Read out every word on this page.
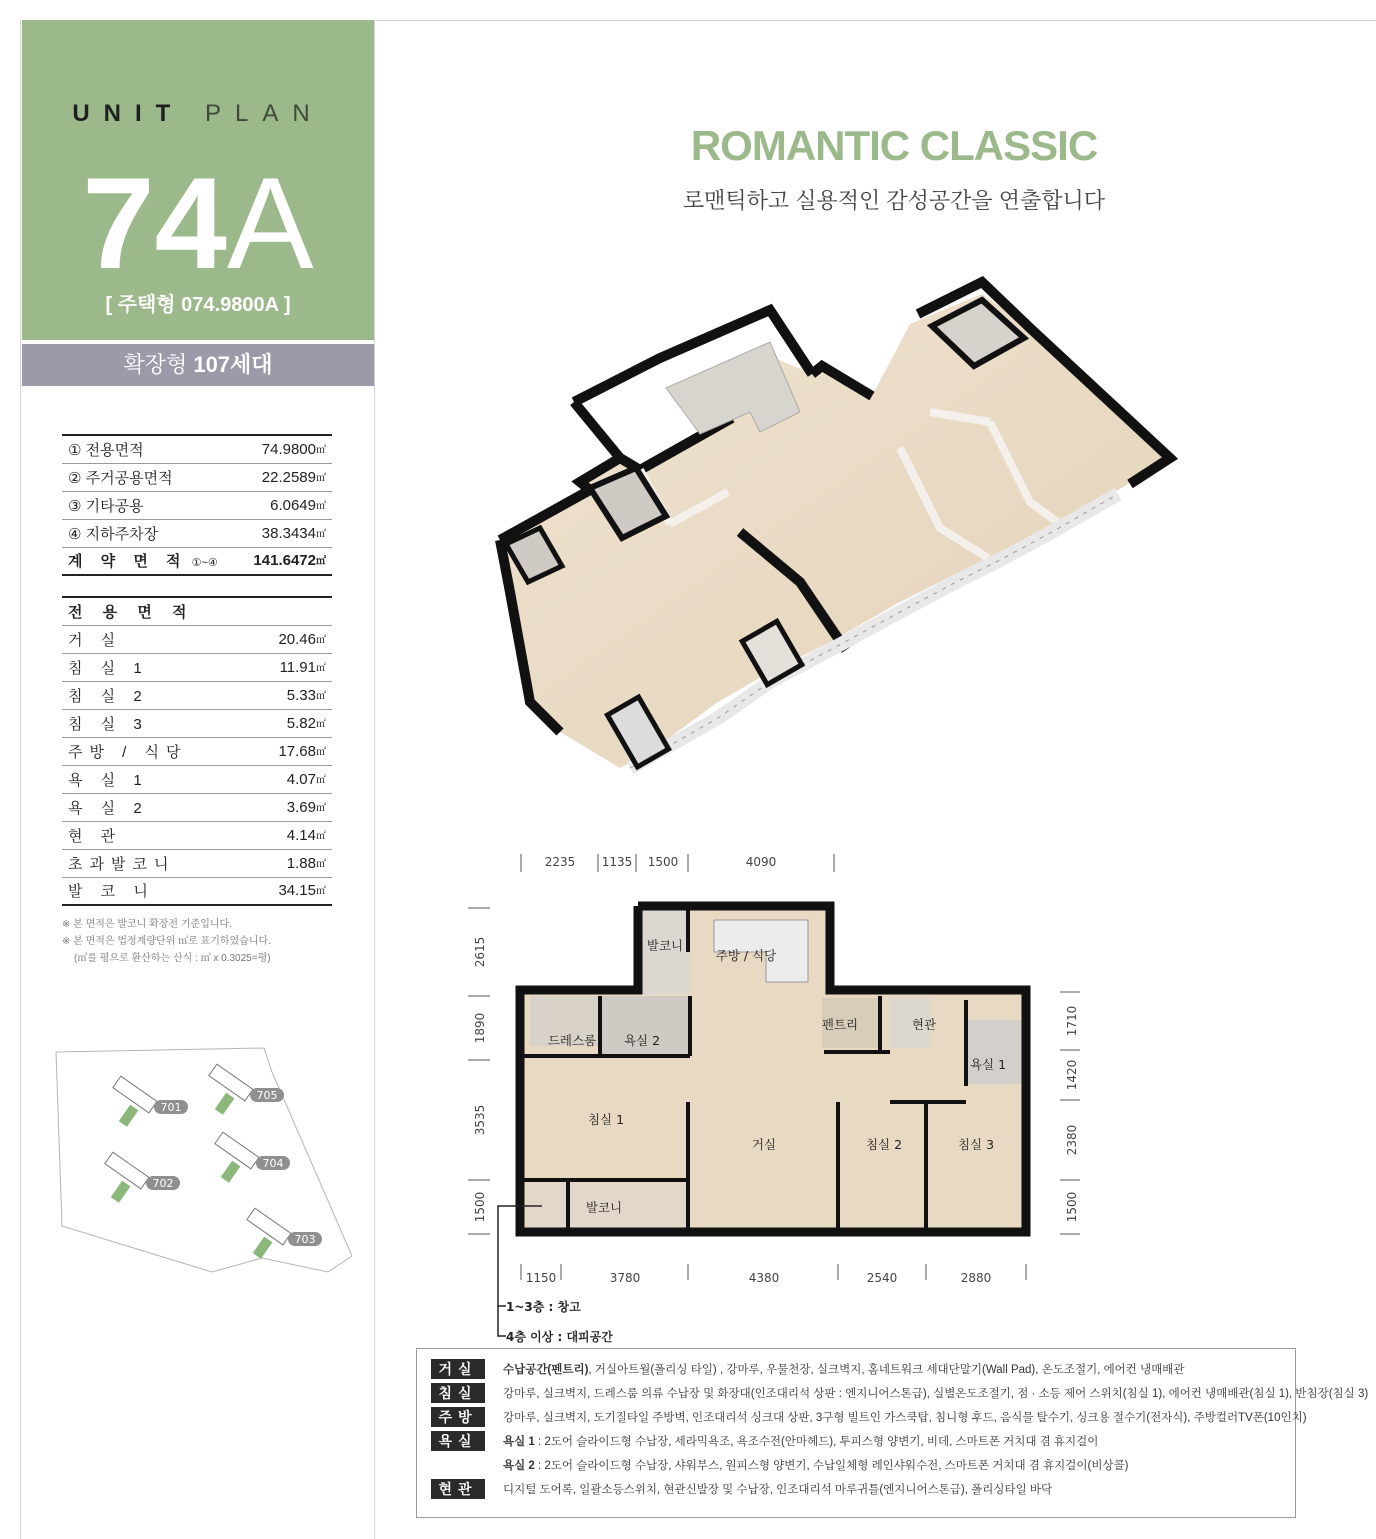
UNIT PLAN
74A
[ 주택형 074.9800A ]
확장형 107세대
① 전용면적	74.9800㎡
② 주거공용면적	22.2589㎡
③ 기타공용	6.0649㎡
④ 지하주차장	38.3434㎡
계 약 면 적 ①~④	141.6472㎡
전 용 면 적	
거 실	20.46㎡
침 실 1	11.91㎡
침 실 2	5.33㎡
침 실 3	5.82㎡
주방 / 식당	17.68㎡
욕 실 1	4.07㎡
욕 실 2	3.69㎡
현 관	4.14㎡
초과발코니	1.88㎡
발 코 니	34.15㎡
※ 본 면적은 발코니 확장전 기준입니다.
※ 본 면적은 법정계량단위 ㎡로 표기하였습니다.
(㎡를 평으로 환산하는 산식 : ㎡ x 0.3025=평)
701
705
704
702
703
ROMANTIC CLASSIC
로맨틱하고 실용적인 감성공간을 연출합니다
2235 1135 1500	4090
1150	3780	4380	2540	2880
2615
1890
3535
1500
1710
1420
2380
1500
발코니
주방 / 식당
드레스룸 욕실 2
펜트리	현관
욕실 1
침실 1
거실	침실 2	침실 3
발코니
1~3층 : 창고
4층 이상 : 대피공간
거실	수납공간(펜트리), 거실아트월(폴리싱 타일) , 강마루, 우물천장, 실크벽지, 홈네트워크 세대단말기(Wall Pad), 온도조절기, 에어컨 냉매배관
침실	강마루, 실크벽지, 드레스룸 의류 수납장 및 화장대(인조대리석 상판 : 엔지니어스톤급), 실별온도조절기, 점 · 소등 제어 스위치(침실 1), 에어컨 냉매배관(침실 1), 반침장(침실 3)
주방	강마루, 실크벽지, 도기질타일 주방벽, 인조대리석 싱크대 상판, 3구형 빌트인 가스쿡탑, 침니형 후드, 음식물 탈수기, 싱크용 절수기(전자식), 주방컬러TV폰(10인치)
욕실	욕실 1 : 2도어 슬라이드형 수납장, 세라믹욕조, 욕조수전(안마헤드), 투피스형 양변기, 비데, 스마트폰 거치대 겸 휴지걸이
욕실 2 : 2도어 슬라이드형 수납장, 샤워부스, 원피스형 양변기, 수납일체형 레인샤워수전, 스마트폰 거치대 겸 휴지걸이(비상콜)
현관	디지털 도어록, 일괄소등스위치, 현관신발장 및 수납장, 인조대리석 마루귀틀(엔지니어스톤급), 폴리싱타일 바닥
